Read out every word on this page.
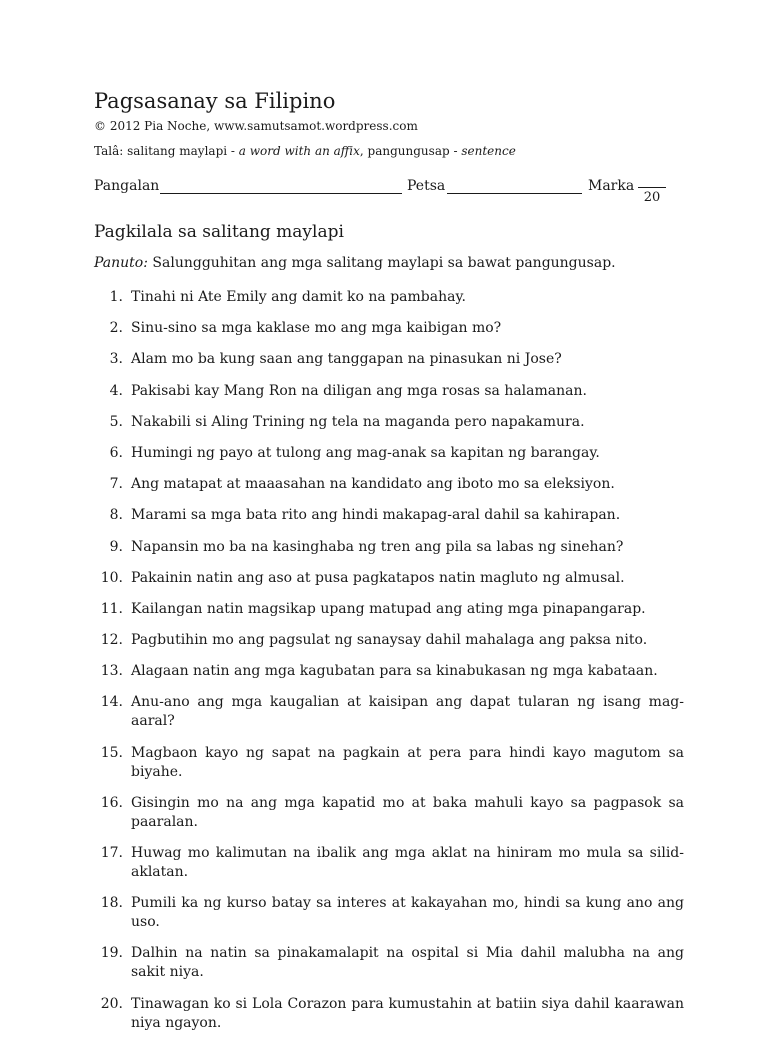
Pagsasanay sa Filipino
© 2012 Pia Noche, www.samutsamot.wordpress.com
Talâ: salitang maylapi - a word with an affix, pangungusap - sentence
Pangalan	Petsa	Marka
20
Pagkilala sa salitang maylapi
Panuto: Salungguhitan ang mga salitang maylapi sa bawat pangungusap.
1. Tinahi ni Ate Emily ang damit ko na pambahay.
2. Sinu-sino sa mga kaklase mo ang mga kaibigan mo?
3. Alam mo ba kung saan ang tanggapan na pinasukan ni Jose?
4. Pakisabi kay Mang Ron na diligan ang mga rosas sa halamanan.
5. Nakabili si Aling Trining ng tela na maganda pero napakamura.
6. Humingi ng payo at tulong ang mag-anak sa kapitan ng barangay.
7. Ang matapat at maaasahan na kandidato ang iboto mo sa eleksiyon.
8. Marami sa mga bata rito ang hindi makapag-aral dahil sa kahirapan.
9. Napansin mo ba na kasinghaba ng tren ang pila sa labas ng sinehan?
10. Pakainin natin ang aso at pusa pagkatapos natin magluto ng almusal.
11. Kailangan natin magsikap upang matupad ang ating mga pinapangarap.
12. Pagbutihin mo ang pagsulat ng sanaysay dahil mahalaga ang paksa nito.
13. Alagaan natin ang mga kagubatan para sa kinabukasan ng mga kabataan.
14. Anu-ano ang mga kaugalian at kaisipan ang dapat tularan ng isang mag-aaral?
15. Magbaon kayo ng sapat na pagkain at pera para hindi kayo magutom sa biyahe.
16. Gisingin mo na ang mga kapatid mo at baka mahuli kayo sa pagpasok sa paaralan.
17. Huwag mo kalimutan na ibalik ang mga aklat na hiniram mo mula sa silid-aklatan.
18. Pumili ka ng kurso batay sa interes at kakayahan mo, hindi sa kung ano ang uso.
19. Dalhin na natin sa pinakamalapit na ospital si Mia dahil malubha na ang sakit niya.
20. Tinawagan ko si Lola Corazon para kumustahin at batiin siya dahil kaarawan niya ngayon.
